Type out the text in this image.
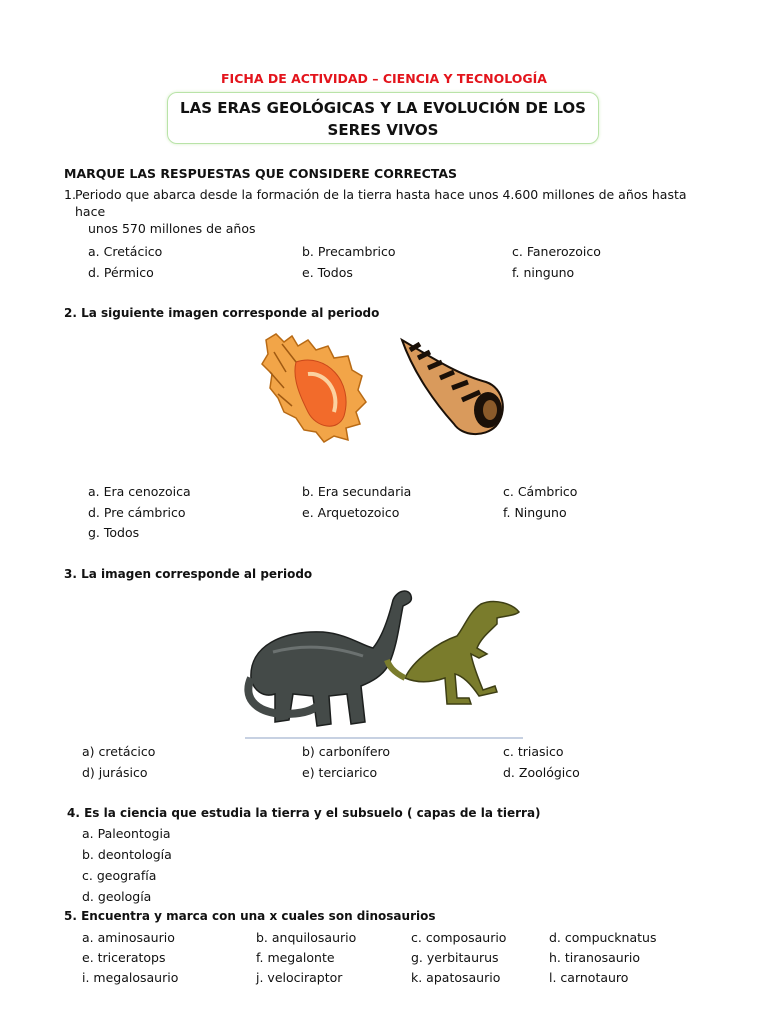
FICHA DE ACTIVIDAD – CIENCIA Y TECNOLOGÍA
LAS ERAS GEOLÓGICAS Y LA EVOLUCIÓN DE LOS
SERES VIVOS
MARQUE LAS RESPUESTAS QUE CONSIDERE CORRECTAS
1. Periodo que abarca desde la formación de la tierra hasta hace unos 4.600 millones de años hasta hace
unos 570 millones de años
a. Cretácico	b. Precambrico	c. Fanerozoico
d. Pérmico	e. Todos	f. ninguno
2. La siguiente imagen corresponde al periodo
a. Era cenozoica	b. Era secundaria	c. Cámbrico
d. Pre cámbrico	e. Arquetozoico	f. Ninguno
g. Todos
3. La imagen corresponde al periodo
a) cretácico	b) carbonífero	c. triasico
d) jurásico	e) terciarico	d. Zoológico
4. Es la ciencia que estudia la tierra y el subsuelo ( capas de la tierra)
a. Paleontogia
b. deontología
c. geografía
d. geología
5. Encuentra y marca con una x cuales son dinosaurios
a. aminosaurio	b. anquilosaurio	c. composaurio	d. compucknatus
e. triceratops	f. megalonte	g. yerbitaurus	h. tiranosaurio
i. megalosaurio	j. velociraptor	k. apatosaurio	l. carnotauro
